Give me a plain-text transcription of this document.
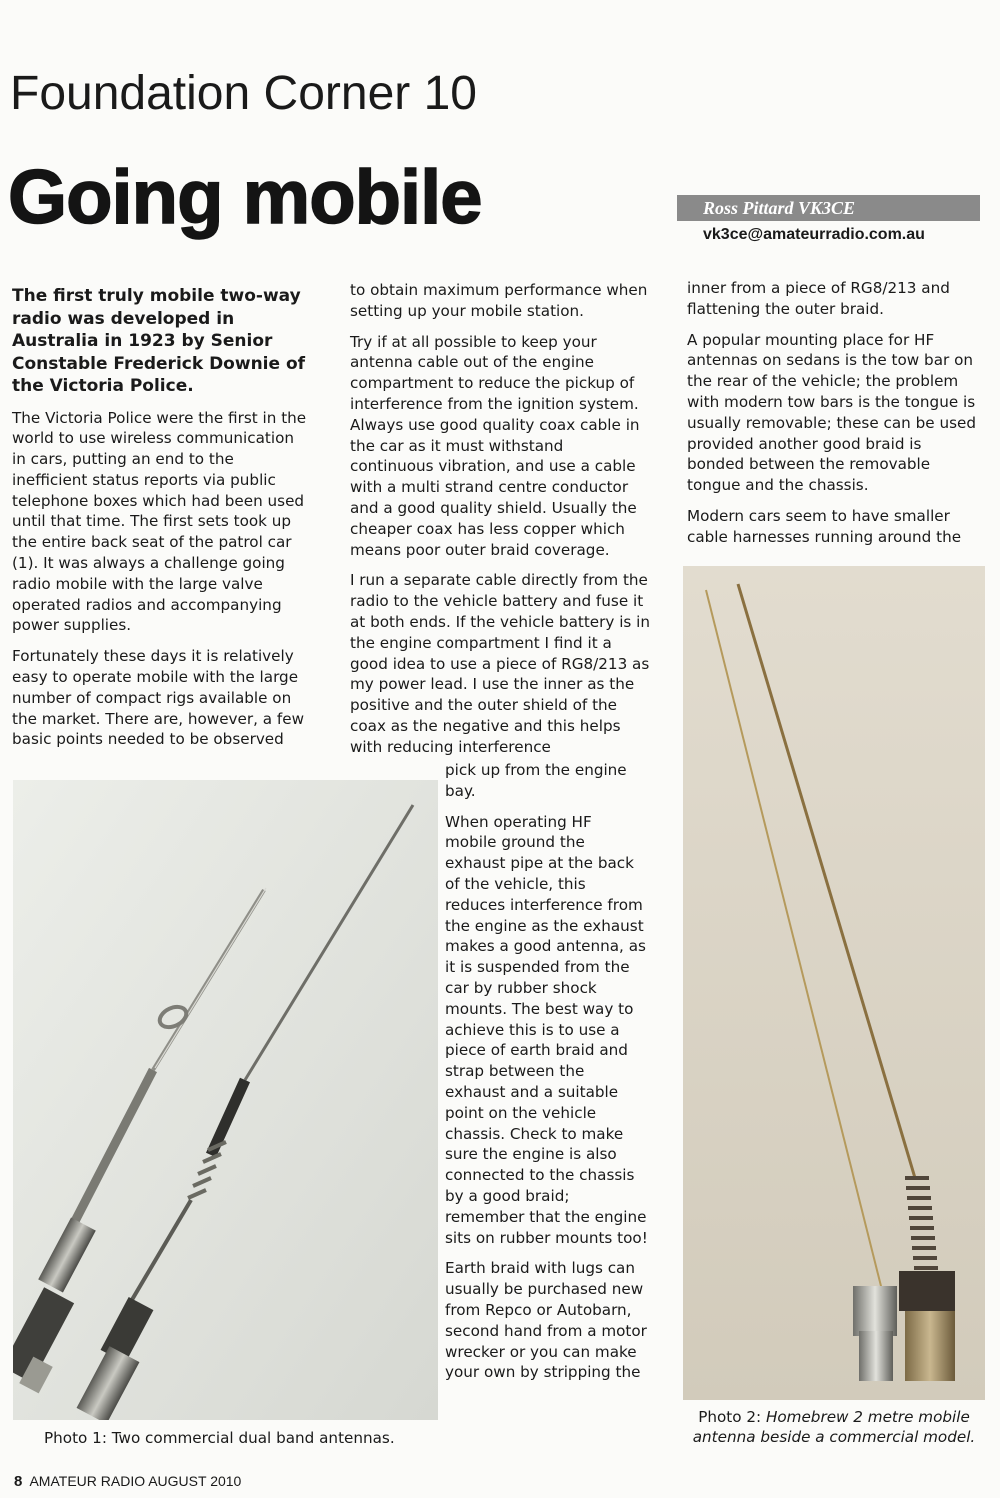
Foundation Corner 10
Going mobile	Ross Pittard VK3CE
vk3ce@amateurradio.com.au

The first truly mobile two-way radio was developed in Australia in 1923 by Senior Constable Frederick Downie of the Victoria Police.

The Victoria Police were the first in the world to use wireless communication in cars, putting an end to the inefficient status reports via public telephone boxes which had been used until that time. The first sets took up the entire back seat of the patrol car (1). It was always a challenge going radio mobile with the large valve operated radios and accompanying power supplies.

Fortunately these days it is relatively easy to operate mobile with the large number of compact rigs available on the market. There are, however, a few basic points needed to be observed

to obtain maximum performance when setting up your mobile station.

Try if at all possible to keep your antenna cable out of the engine compartment to reduce the pickup of interference from the ignition system. Always use good quality coax cable in the car as it must withstand continuous vibration, and use a cable with a multi strand centre conductor and a good quality shield. Usually the cheaper coax has less copper which means poor outer braid coverage.

I run a separate cable directly from the radio to the vehicle battery and fuse it at both ends. If the vehicle battery is in the engine compartment I find it a good idea to use a piece of RG8/213 as my power lead. I use the inner as the positive and the outer shield of the coax as the negative and this helps with reducing interference

pick up from the engine bay.

When operating HF mobile ground the exhaust pipe at the back of the vehicle, this reduces interference from the engine as the exhaust makes a good antenna, as it is suspended from the car by rubber shock mounts. The best way to achieve this is to use a piece of earth braid and strap between the exhaust and a suitable point on the vehicle chassis. Check to make sure the engine is also connected to the chassis by a good braid; remember that the engine sits on rubber mounts too!

Earth braid with lugs can usually be purchased new from Repco or Autobarn, second hand from a motor wrecker or you can make your own by stripping the

inner from a piece of RG8/213 and flattening the outer braid.

A popular mounting place for HF antennas on sedans is the tow bar on the rear of the vehicle; the problem with modern tow bars is the tongue is usually removable; these can be used provided another good braid is bonded between the removable tongue and the chassis.

Modern cars seem to have smaller cable harnesses running around the

Photo 1: Two commercial dual band antennas.
Photo 2: Homebrew 2 metre mobile antenna beside a commercial model.
8 AMATEUR RADIO AUGUST 2010
